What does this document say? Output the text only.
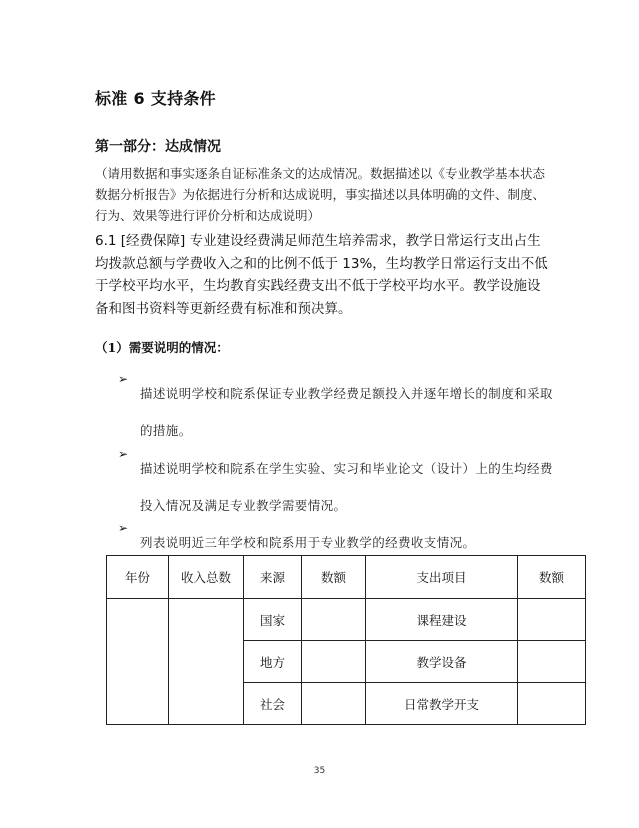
标准 6 支持条件
第一部分：达成情况

（请用数据和事实逐条自证标准条文的达成情况。数据描述以《专业教学基本状态数据分析报告》为依据进行分析和达成说明，事实描述以具体明确的文件、制度、行为、效果等进行评价分析和达成说明）

6.1 [经费保障] 专业建设经费满足师范生培养需求，教学日常运行支出占生均拨款总额与学费收入之和的比例不低于 13%，生均教学日常运行支出不低于学校平均水平，生均教育实践经费支出不低于学校平均水平。教学设施设备和图书资料等更新经费有标准和预决算。

（1）需要说明的情况：

➢

描述说明学校和院系保证专业教学经费足额投入并逐年增长的制度和采取的措施。

➢

描述说明学校和院系在学生实验、实习和毕业论文（设计）上的生均经费投入情况及满足专业教学需要情况。

➢

列表说明近三年学校和院系用于专业教学的经费收支情况。

年份	收入总数	来源	数额	支出项目	数额
		国家		课程建设	
		地方		教学设备	
		社会		日常教学开支	
35
